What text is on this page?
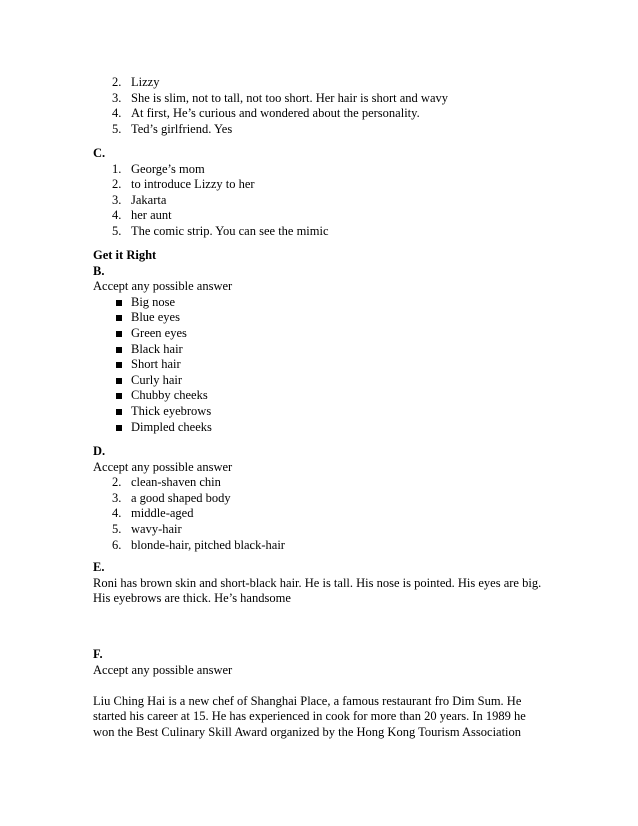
2. Lizzy
3. She is slim, not to tall, not too short. Her hair is short and wavy
4. At first, He’s curious and wondered about the personality.
5. Ted’s girlfriend. Yes
C.
1. George’s mom
2. to introduce Lizzy to her
3. Jakarta
4. her aunt
5. The comic strip. You can see the mimic
Get it Right
B.
Accept any possible answer
Big nose
Blue eyes
Green eyes
Black hair
Short hair
Curly hair
Chubby cheeks
Thick eyebrows
Dimpled cheeks
D.
Accept any possible answer
2. clean-shaven chin
3. a good shaped body
4. middle-aged
5. wavy-hair
6. blonde-hair, pitched black-hair
E.
Roni has brown skin and short-black hair. He is tall. His nose is pointed. His eyes are big.
His eyebrows are thick. He’s handsome
F.
Accept any possible answer
Liu Ching Hai is a new chef of Shanghai Place, a famous restaurant fro Dim Sum. He
started his career at 15. He has experienced in cook for more than 20 years. In 1989 he
won the Best Culinary Skill Award organized by the Hong Kong Tourism Association
